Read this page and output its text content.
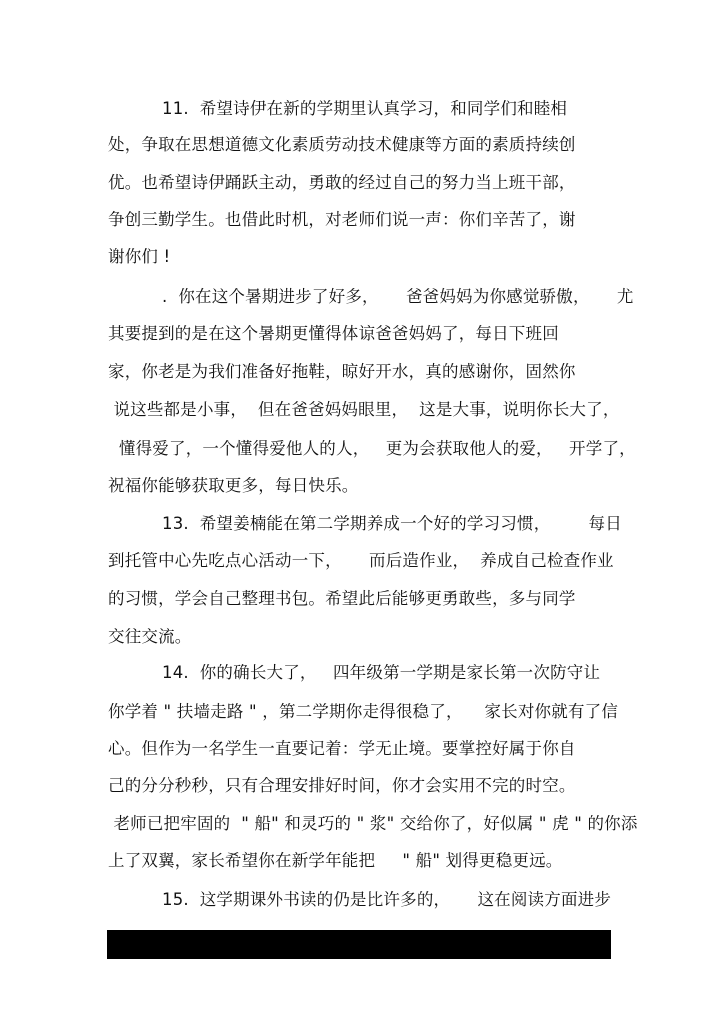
11.  希望诗伊在新的学期里认真学习，和同学们和睦相
处，争取在思想道德文化素质劳动技术健康等方面的素质持续创
优。也希望诗伊踊跃主动，勇敢的经过自己的努力当上班干部，
争创三勤学生。也借此时机，对老师们说一声：你们辛苦了，谢
谢你们 !
.  你在这个暑期进步了好多，     爸爸妈妈为你感觉骄傲，     尤
其要提到的是在这个暑期更懂得体谅爸爸妈妈了，每日下班回
家，你老是为我们准备好拖鞋，晾好开水，真的感谢你，固然你
说这些都是小事，  但在爸爸妈妈眼里，  这是大事，说明你长大了，
懂得爱了，一个懂得爱他人的人，   更为会获取他人的爱，   开学了，
祝福你能够获取更多，每日快乐。
13.  希望姜楠能在第二学期养成一个好的学习习惯，       每日
到托管中心先吃点心活动一下，     而后造作业，  养成自己检查作业
的习惯，学会自己整理书包。希望此后能够更勇敢些，多与同学
交往交流。
14.  你的确长大了，   四年级第一学期是家长第一次防守让
你学着 " 扶墙走路 " ，第二学期你走得很稳了，    家长对你就有了信
心。但作为一名学生一直要记着：学无止境。要掌控好属于你自
己的分分秒秒，只有合理安排好时间，你才会实用不完的时空。
老师已把牢固的  " 船" 和灵巧的 " 浆" 交给你了，好似属 " 虎 " 的你添
上了双翼，家长希望你在新学年能把     " 船" 划得更稳更远。
15.  这学期课外书读的仍是比许多的，     这在阅读方面进步
